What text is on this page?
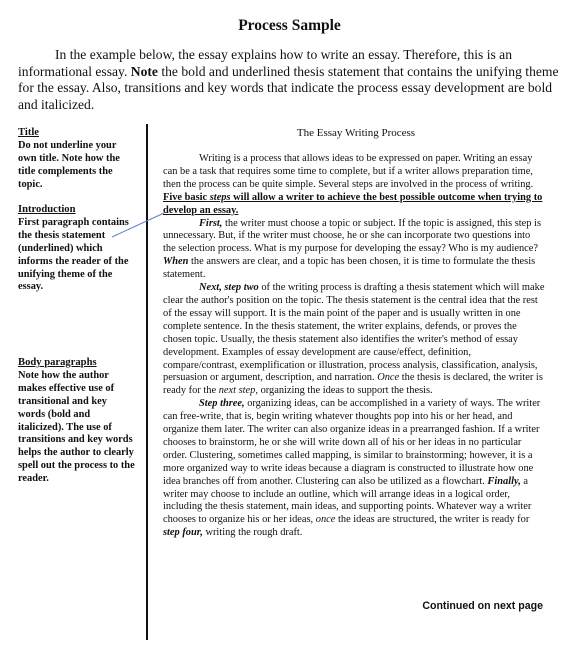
Process Sample

In the example below, the essay explains how to write an essay. Therefore, this is an informational essay. Note the bold and underlined thesis statement that contains the unifying theme for the essay. Also, transitions and key words that indicate the process essay development are bold and italicized.

Title
Do not underline your own title. Note how the title complements the topic.

Introduction
First paragraph contains the thesis statement (underlined) which informs the reader of the unifying theme of the essay.

Body paragraphs
Note how the author makes effective use of transitional and key words (bold and italicized). The use of transitions and key words helps the author to clearly spell out the process to the reader.

The Essay Writing Process

Writing is a process that allows ideas to be expressed on paper. Writing an essay can be a task that requires some time to complete, but if a writer allows preparation time, then the process can be quite simple. Several steps are involved in the process of writing. Five basic steps will allow a writer to achieve the best possible outcome when trying to develop an essay.

First, the writer must choose a topic or subject. If the topic is assigned, this step is unnecessary. But, if the writer must choose, he or she can incorporate two questions into the selection process. What is my purpose for developing the essay? Who is my audience? When the answers are clear, and a topic has been chosen, it is time to formulate the thesis statement.

Next, step two of the writing process is drafting a thesis statement which will make clear the author's position on the topic. The thesis statement is the central idea that the rest of the essay will support. It is the main point of the paper and is usually written in one complete sentence. In the thesis statement, the writer explains, defends, or proves the chosen topic. Usually, the thesis statement also identifies the writer's method of essay development. Examples of essay development are cause/effect, definition, compare/contrast, exemplification or illustration, process analysis, classification, analysis, persuasion or argument, description, and narration. Once the thesis is declared, the writer is ready for the next step, organizing the ideas to support the thesis.

Step three, organizing ideas, can be accomplished in a variety of ways. The writer can free-write, that is, begin writing whatever thoughts pop into his or her head, and organize them later. The writer can also organize ideas in a prearranged fashion. If a writer chooses to brainstorm, he or she will write down all of his or her ideas in no particular order. Clustering, sometimes called mapping, is similar to brainstorming; however, it is a more organized way to write ideas because a diagram is constructed to illustrate how one idea branches off from another. Clustering can also be utilized as a flowchart. Finally, a writer may choose to include an outline, which will arrange ideas in a logical order, including the thesis statement, main ideas, and supporting points. Whatever way a writer chooses to organize his or her ideas, once the ideas are structured, the writer is ready for step four, writing the rough draft.

Continued on next page
